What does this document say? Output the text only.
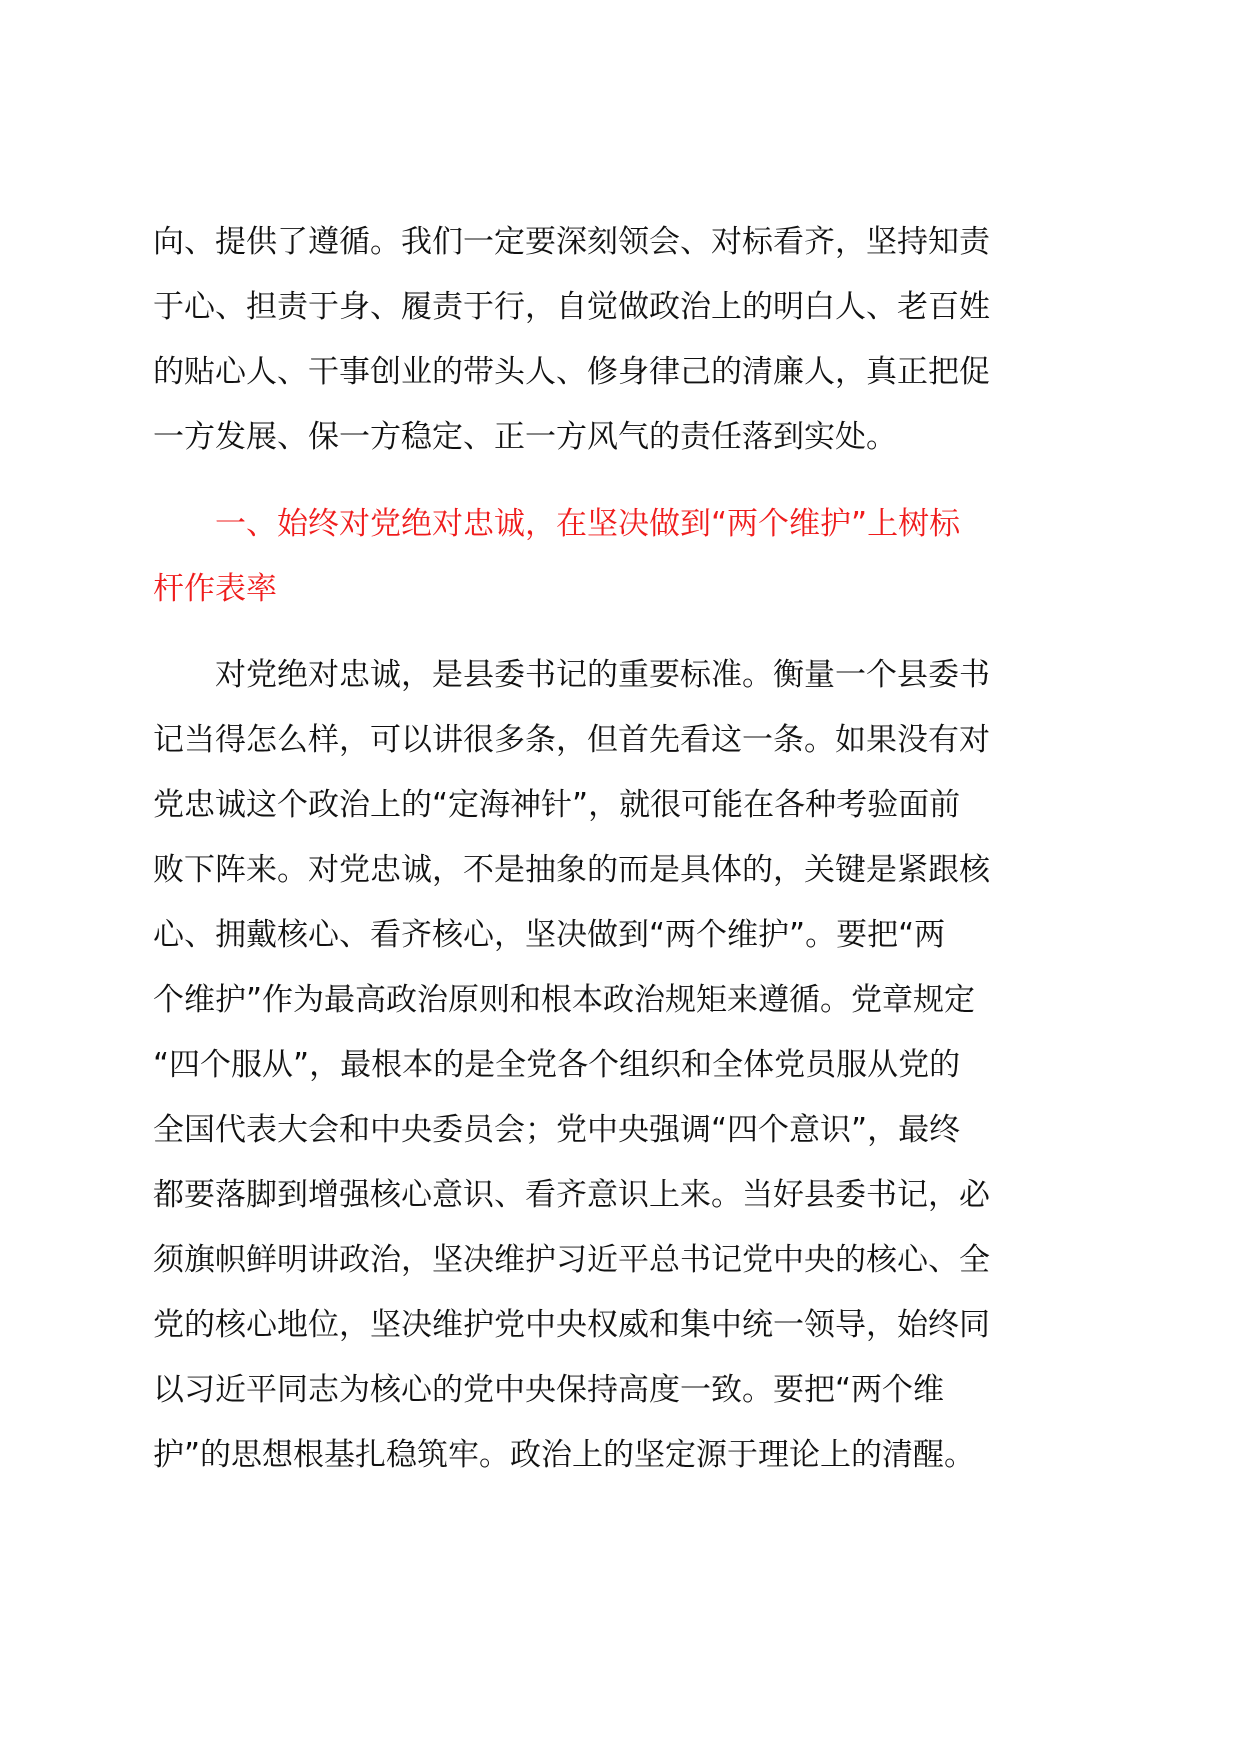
向、提供了遵循。我们一定要深刻领会、对标看齐，坚持知责
于心、担责于身、履责于行，自觉做政治上的明白人、老百姓
的贴心人、干事创业的带头人、修身律己的清廉人，真正把促
一方发展、保一方稳定、正一方风气的责任落到实处。
一、始终对党绝对忠诚，在坚决做到“两个维护”上树标
杆作表率
对党绝对忠诚，是县委书记的重要标准。衡量一个县委书
记当得怎么样，可以讲很多条，但首先看这一条。如果没有对
党忠诚这个政治上的“定海神针”，就很可能在各种考验面前
败下阵来。对党忠诚，不是抽象的而是具体的，关键是紧跟核
心、拥戴核心、看齐核心，坚决做到“两个维护”。要把“两
个维护”作为最高政治原则和根本政治规矩来遵循。党章规定
“四个服从”，最根本的是全党各个组织和全体党员服从党的
全国代表大会和中央委员会；党中央强调“四个意识”，最终
都要落脚到增强核心意识、看齐意识上来。当好县委书记，必
须旗帜鲜明讲政治，坚决维护习近平总书记党中央的核心、全
党的核心地位，坚决维护党中央权威和集中统一领导，始终同
以习近平同志为核心的党中央保持高度一致。要把“两个维
护”的思想根基扎稳筑牢。政治上的坚定源于理论上的清醒。
